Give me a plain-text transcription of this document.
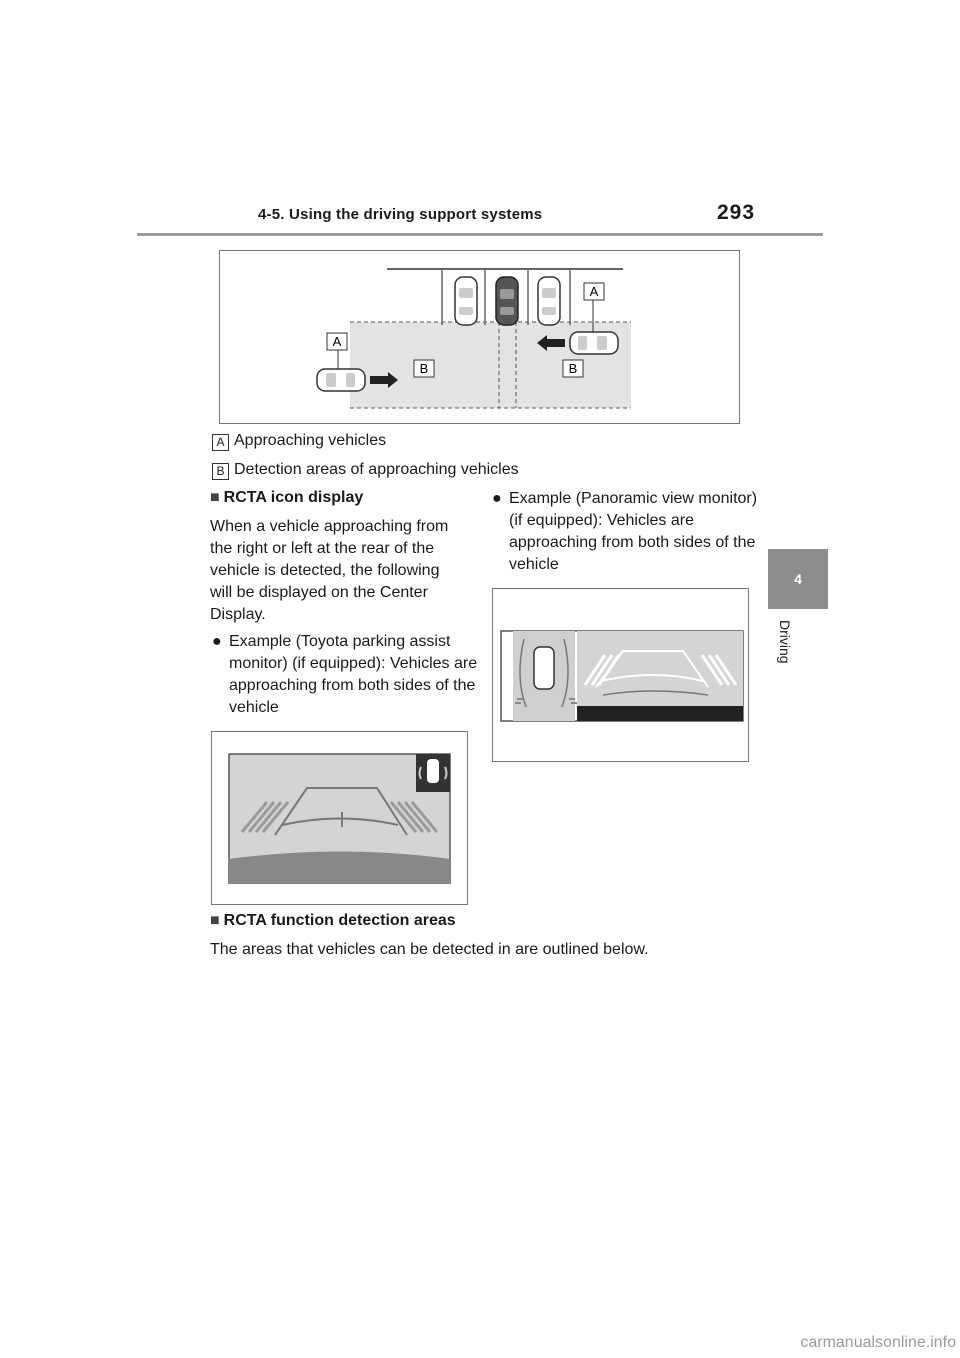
4-5. Using the driving support systems	293
4
Driving
A
A
B	B
A Approaching vehicles
B Detection areas of approaching vehicles
■ RCTA icon display
When a vehicle approaching from the right or left at the rear of the vehicle is detected, the following will be displayed on the Center Display.
● Example (Toyota parking assist monitor) (if equipped): Vehicles are approaching from both sides of the vehicle
● Example (Panoramic view monitor) (if equipped): Vehicles are approaching from both sides of the vehicle
■ RCTA function detection areas
The areas that vehicles can be detected in are outlined below.
carmanualsonline.info
